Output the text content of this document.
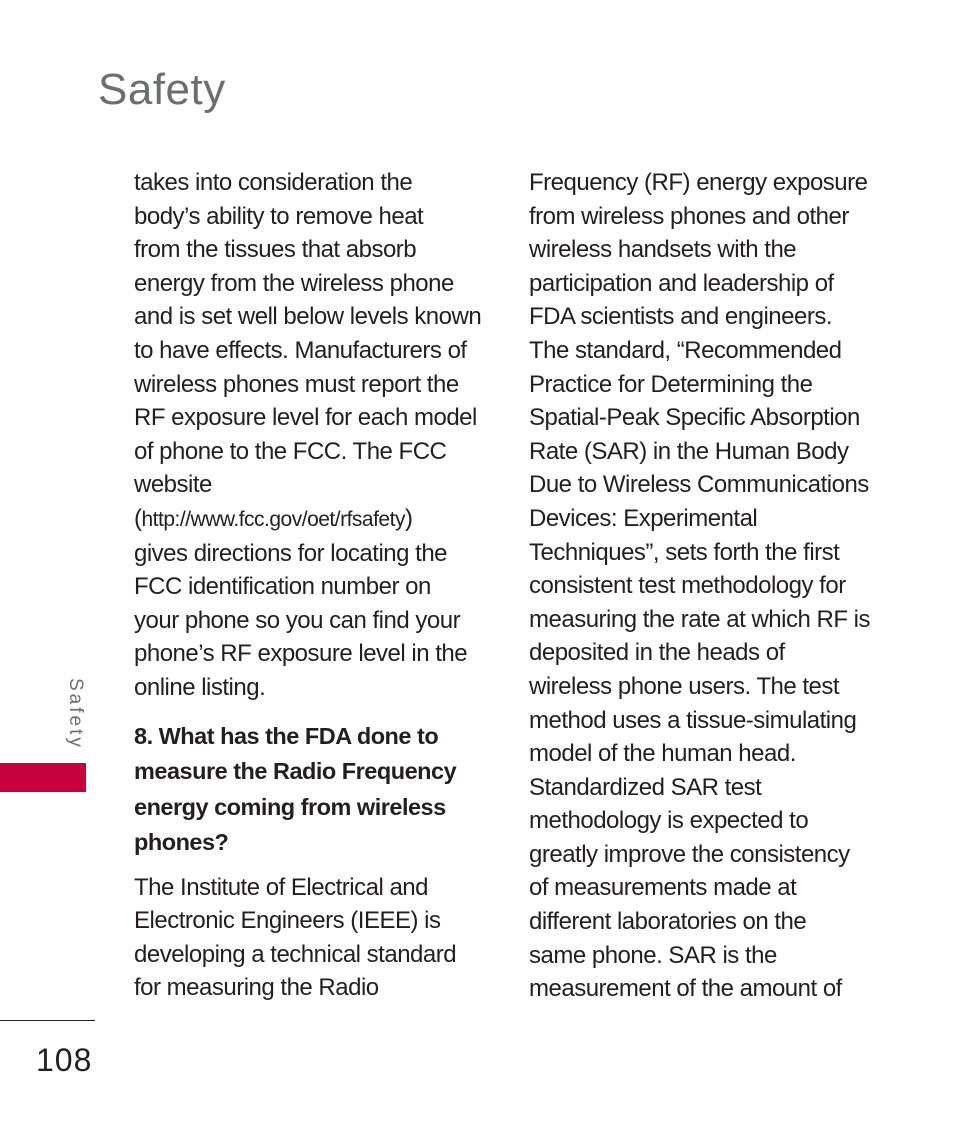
Safety
takes into consideration the
body’s ability to remove heat
from the tissues that absorb
energy from the wireless phone
and is set well below levels known
to have effects. Manufacturers of
wireless phones must report the
RF exposure level for each model
of phone to the FCC. The FCC
website
(http://www.fcc.gov/oet/rfsafety)
gives directions for locating the
FCC identification number on
your phone so you can find your
phone’s RF exposure level in the
online listing.
8. What has the FDA done to
measure the Radio Frequency
energy coming from wireless
phones?
The Institute of Electrical and
Electronic Engineers (IEEE) is
developing a technical standard
for measuring the Radio
Frequency (RF) energy exposure
from wireless phones and other
wireless handsets with the
participation and leadership of
FDA scientists and engineers.
The standard, “Recommended
Practice for Determining the
Spatial-Peak Specific Absorption
Rate (SAR) in the Human Body
Due to Wireless Communications
Devices: Experimental
Techniques”, sets forth the first
consistent test methodology for
measuring the rate at which RF is
deposited in the heads of
wireless phone users. The test
method uses a tissue-simulating
model of the human head.
Standardized SAR test
methodology is expected to
greatly improve the consistency
of measurements made at
different laboratories on the
same phone. SAR is the
measurement of the amount of
Safety
108
